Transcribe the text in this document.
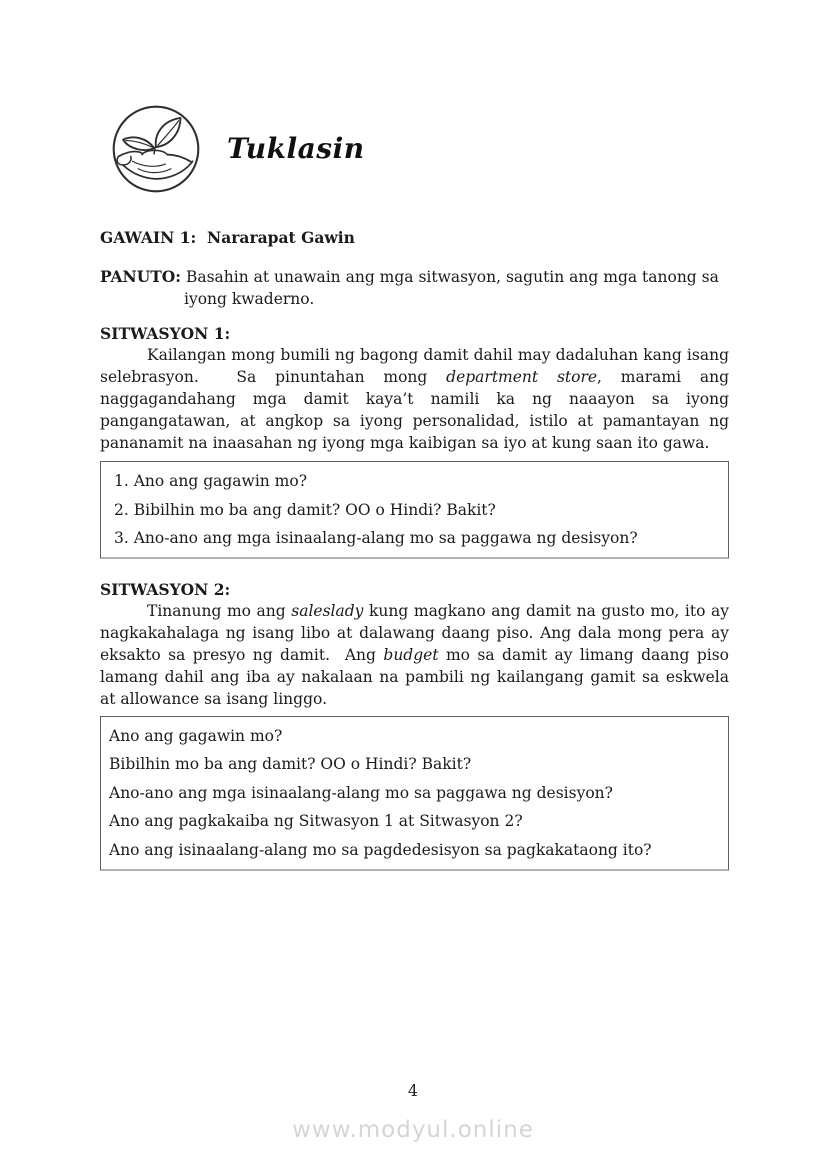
Tuklasin
GAWAIN 1:  Nararapat Gawin
PANUTO: Basahin at unawain ang mga sitwasyon, sagutin ang mga tanong sa iyong kwaderno.
SITWASYON 1:

Kailangan mong bumili ng bagong damit dahil may dadaluhan kang isang selebrasyon.  Sa pinuntahan mong department store, marami ang naggagandahang mga damit kaya’t namili ka ng naaayon sa iyong pangangatawan, at angkop sa iyong personalidad, istilo at pamantayan ng pananamit na inaasahan ng iyong mga kaibigan sa iyo at kung saan ito gawa.

1. Ano ang gagawin mo?
2. Bibilhin mo ba ang damit? OO o Hindi? Bakit?
3. Ano-ano ang mga isinaalang-alang mo sa paggawa ng desisyon?
SITWASYON 2:

Tinanung mo ang saleslady kung magkano ang damit na gusto mo, ito ay nagkakahalaga ng isang libo at dalawang daang piso. Ang dala mong pera ay eksakto sa presyo ng damit.  Ang budget mo sa damit ay limang daang piso lamang dahil ang iba ay nakalaan na pambili ng kailangang gamit sa eskwela at allowance sa isang linggo.

Ano ang gagawin mo?
Bibilhin mo ba ang damit? OO o Hindi? Bakit?
Ano-ano ang mga isinaalang-alang mo sa paggawa ng desisyon?
Ano ang pagkakaiba ng Sitwasyon 1 at Sitwasyon 2?
Ano ang isinaalang-alang mo sa pagdedesisyon sa pagkakataong ito?
4
www.modyul.online
